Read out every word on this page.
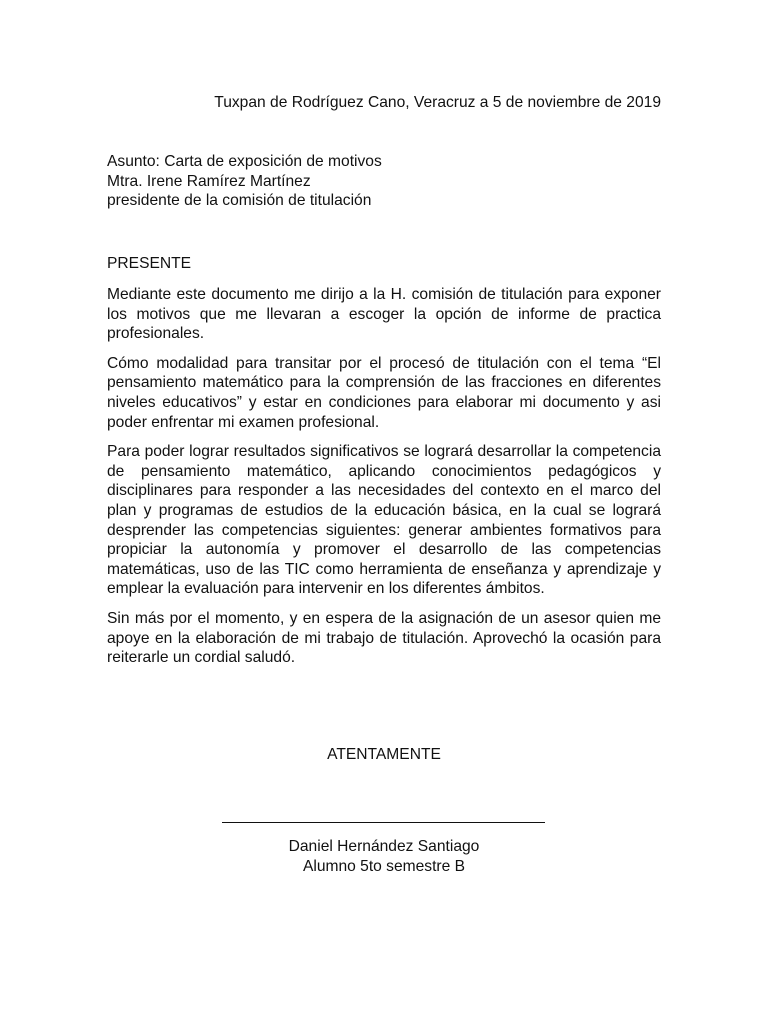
Tuxpan de Rodríguez Cano, Veracruz a 5 de noviembre de 2019
Asunto: Carta de exposición de motivos
Mtra. Irene Ramírez Martínez
presidente de la comisión de titulación
PRESENTE

Mediante este documento me dirijo a la H. comisión de titulación para exponer los motivos que me llevaran a escoger la opción de informe de practica profesionales.

Cómo modalidad para transitar por el procesó de titulación con el tema “El pensamiento matemático para la comprensión de las fracciones en diferentes niveles educativos” y estar en condiciones para elaborar mi documento y asi poder enfrentar mi examen profesional.

Para poder lograr resultados significativos se logrará desarrollar la competencia de pensamiento matemático, aplicando conocimientos pedagógicos y disciplinares para responder a las necesidades del contexto en el marco del plan y programas de estudios de la educación básica, en la cual se logrará desprender las competencias siguientes: generar ambientes formativos para propiciar la autonomía y promover el desarrollo de las competencias matemáticas, uso de las TIC como herramienta de enseñanza y aprendizaje y emplear la evaluación para intervenir en los diferentes ámbitos.

Sin más por el momento, y en espera de la asignación de un asesor quien me apoye en la elaboración de mi trabajo de titulación. Aprovechó la ocasión para reiterarle un cordial saludó.

ATENTAMENTE
Daniel Hernández Santiago
Alumno 5to semestre B
